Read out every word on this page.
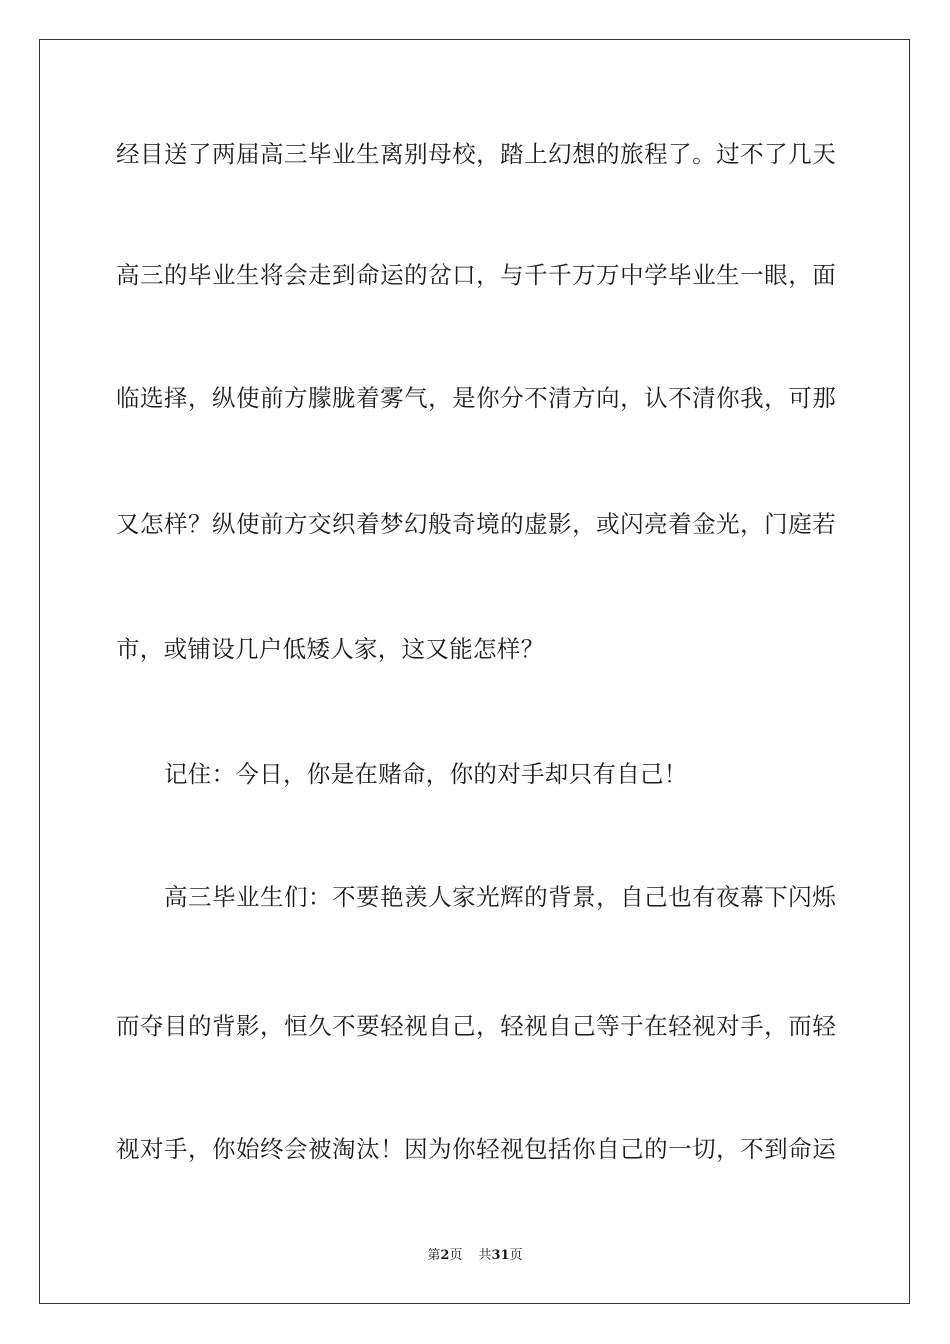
经目送了两届高三毕业生离别母校，踏上幻想的旅程了。过不了几天
高三的毕业生将会走到命运的岔口，与千千万万中学毕业生一眼，面
临选择，纵使前方朦胧着雾气，是你分不清方向，认不清你我，可那
又怎样？纵使前方交织着梦幻般奇境的虚影，或闪亮着金光，门庭若
市，或铺设几户低矮人家，这又能怎样？
记住：今日，你是在赌命，你的对手却只有自己！
高三毕业生们：不要艳羡人家光辉的背景，自己也有夜幕下闪烁
而夺目的背影，恒久不要轻视自己，轻视自己等于在轻视对手，而轻
视对手，你始终会被淘汰！因为你轻视包括你自己的一切，不到命运
第2页 共31页
